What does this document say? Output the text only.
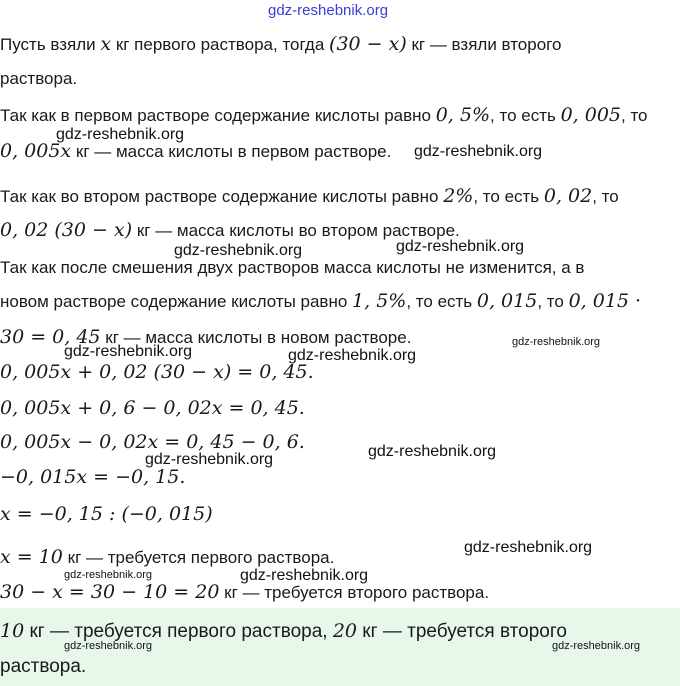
gdz-reshebnik.org
Пусть взяли x кг первого раствора, тогда (30 − x) кг — взяли второго
раствора.
Так как в первом растворе содержание кислоты равно 0, 5%, то есть 0, 005, то
0, 005x кг — масса кислоты в первом растворе.
Так как во втором растворе содержание кислоты равно 2%, то есть 0, 02, то
0, 02 (30 − x) кг — масса кислоты во втором растворе.
Так как после смешения двух растворов масса кислоты не изменится, а в
новом растворе содержание кислоты равно 1, 5%, то есть 0, 015, то 0, 015 ·
30 = 0, 45 кг — масса кислоты в новом растворе.
0, 005x + 0, 02 (30 − x) = 0, 45.
0, 005x + 0, 6 − 0, 02x = 0, 45.
0, 005x − 0, 02x = 0, 45 − 0, 6.
−0, 015x = −0, 15.
x = −0, 15 : (−0, 015)
x = 10 кг — требуется первого раствора.
30 − x = 30 − 10 = 20 кг — требуется второго раствора.
10 кг — требуется первого раствора, 20 кг — требуется второго
раствора.
gdz-reshebnik.org
gdz-reshebnik.org
gdz-reshebnik.org	gdz-reshebnik.org
gdz-reshebnik.org	gdz-reshebnik.org
gdz-reshebnik.org
gdz-reshebnik.org
gdz-reshebnik.org
gdz-reshebnik.org
gdz-reshebnik.org	gdz-reshebnik.org
gdz-reshebnik.org	gdz-reshebnik.org
